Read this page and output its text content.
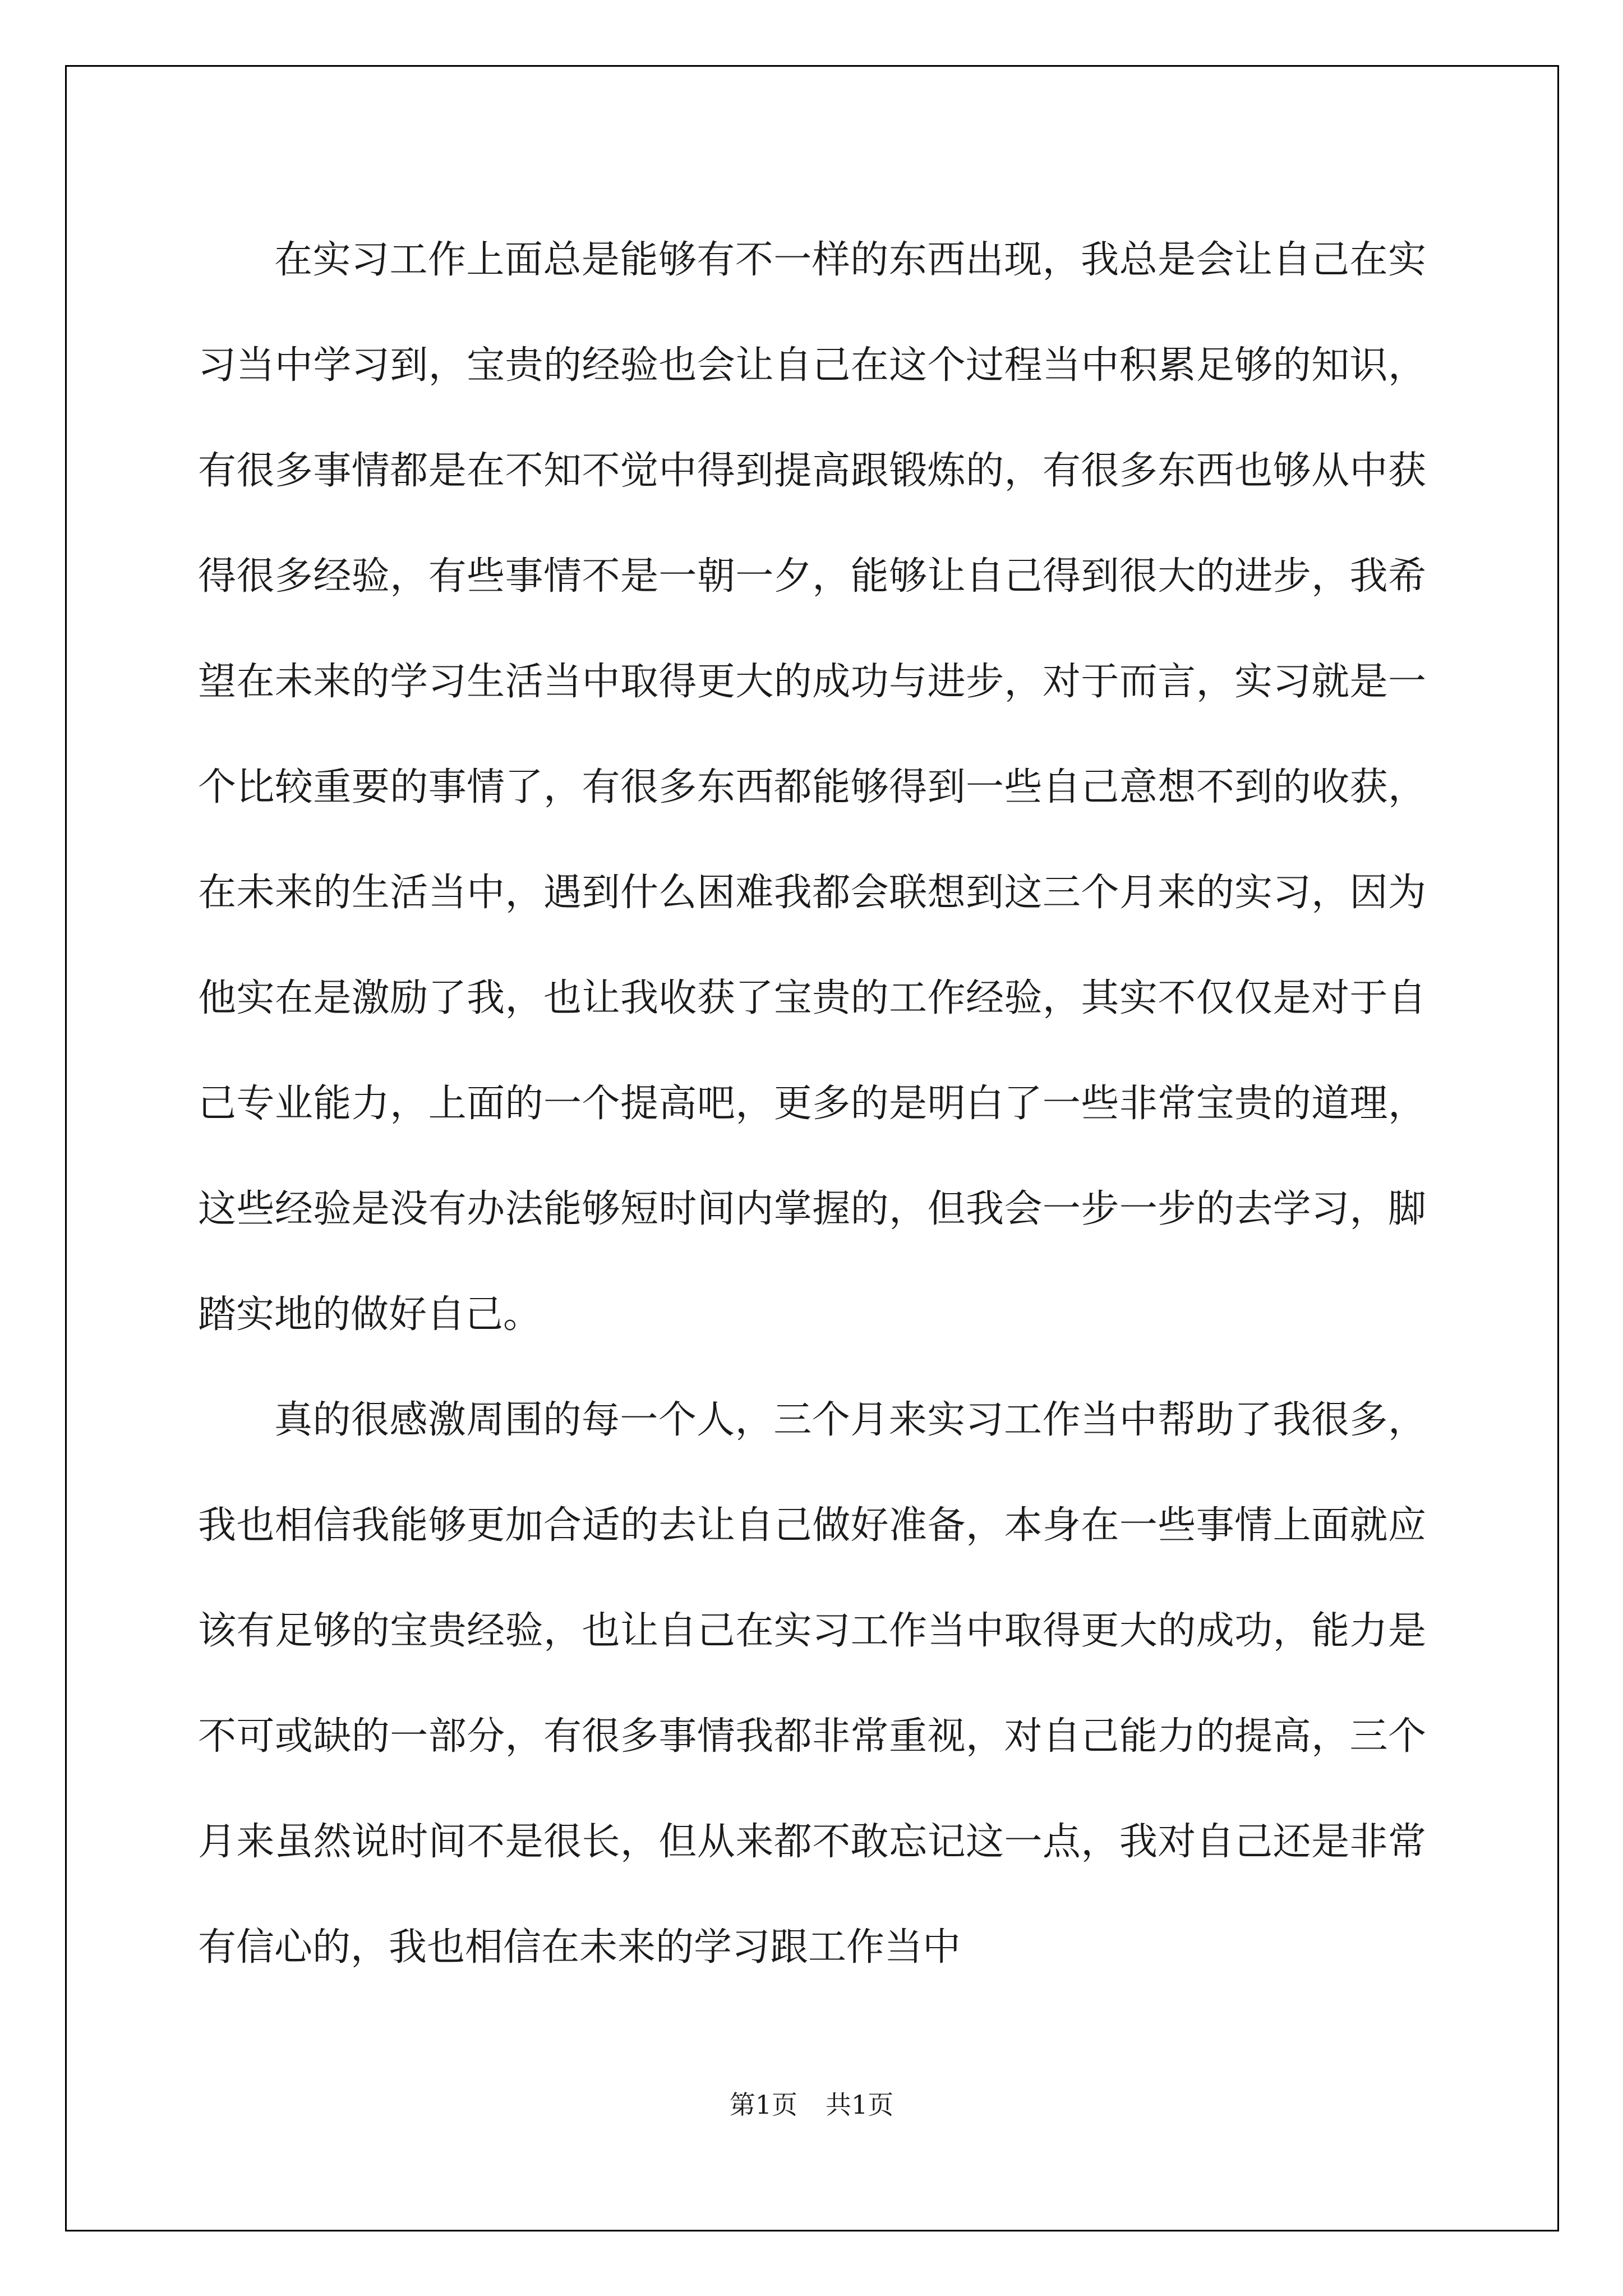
在实习工作上面总是能够有不一样的东西出现，我总是会让自己在实习当中学习到，宝贵的经验也会让自己在这个过程当中积累足够的知识，有很多事情都是在不知不觉中得到提高跟锻炼的，有很多东西也够从中获得很多经验，有些事情不是一朝一夕，能够让自己得到很大的进步，我希望在未来的学习生活当中取得更大的成功与进步，对于而言，实习就是一个比较重要的事情了，有很多东西都能够得到一些自己意想不到的收获，在未来的生活当中，遇到什么困难我都会联想到这三个月来的实习，因为他实在是激励了我，也让我收获了宝贵的工作经验，其实不仅仅是对于自己专业能力，上面的一个提高吧，更多的是明白了一些非常宝贵的道理，这些经验是没有办法能够短时间内掌握的，但我会一步一步的去学习，脚踏实地的做好自己。

真的很感激周围的每一个人，三个月来实习工作当中帮助了我很多，我也相信我能够更加合适的去让自己做好准备，本身在一些事情上面就应该有足够的宝贵经验，也让自己在实习工作当中取得更大的成功，能力是不可或缺的一部分，有很多事情我都非常重视，对自己能力的提高，三个月来虽然说时间不是很长，但从来都不敢忘记这一点，我对自己还是非常有信心的，我也相信在未来的学习跟工作当中

第1页 共1页
